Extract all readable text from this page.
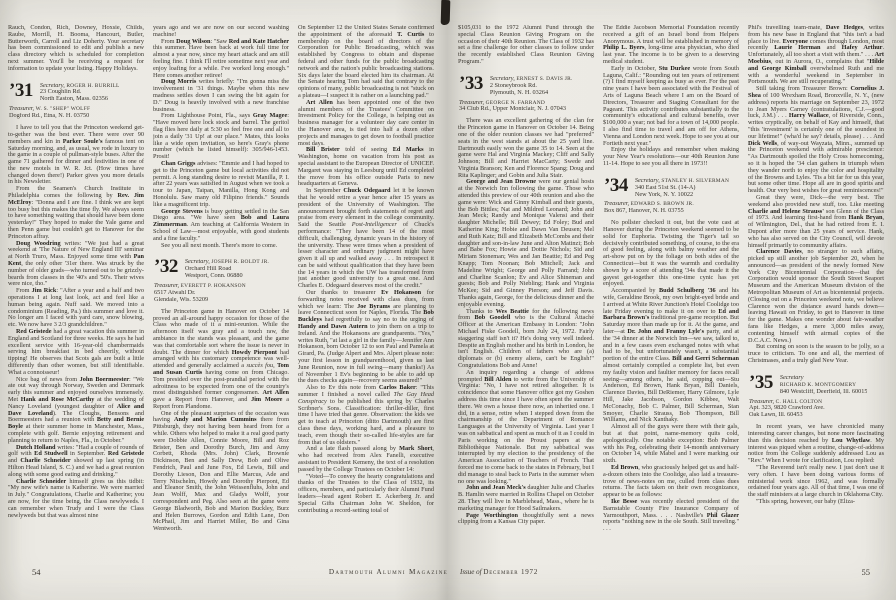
Rauch, Condon, Rich, Downey, Hoxsie, Childs, Raube, Morrill, H. Booma, Hancourt, Butler, Butterworth, Carroll and Liz Doherty. Your secretary has been commissioned to edit and publish a new class directory which is scheduled for completion next summer. You'll be receiving a request for information to update your listing. Happy Holidays.

’31 Secretary, ROGER H. BURRILL
23 Coughlin Rd.
North Easton, Mass. 02356
Treasurer, W. S. "SHEP" WOLFF
Dogford Rd., Etna, N. H. 03750

I have to tell you that the Princeton weekend get-to-gether was the best ever. There were over 90 members and kin in Parker Soule's famous tent on Saturday morning, and, as usual, we rode in luxury to the game in a couple of pullman-style buses. After the game 71 gathered for dinner and festivities in one of the new motels in W. R. Jct. (How times have changed down there!) Parker gives you more details in his Newsletter.

From the Seamen's Church Institute in Philadelphia comes the following by Rev. Jim McElroy: "Donna and I are fine. I think we are kept too busy but this makes the time fly. We always seem to have something waiting that should have been done yesterday!" They hoped to make the Yale game and then Penn game but couldn't get to Hanover for the Princeton affray.

Doug Woodring writes: "We just had a great weekend at 'The Nature of New England III' seminar at North Truro, Mass. Enjoyed some time with Pan Kent, the only other '31er there. Was struck by the number of older grads—who turned out to be grizzly-beards from classes in the '40's and '50's. Their wives were nice, tho."

From Jim Rick: "After a year and a half and two operations I at long last look, act and feel like a human being again. Nuff said. We moved into a condominium (Reading, Pa.) this summer and love it. No longer am I faced with yard care, snow blowing, etc. We now have 3 2/3 grandchildren."

Red Gristede had a great vacation this summer in England and Scotland for three weeks. He says he had excellent service with 16-year-old chambermaids serving him breakfast in bed cheerily, without tipping! He observes that Scots gals are built a little differently than other women, but still identifiable. What a connoisseur!

Nice bag of news from John Boermeester: "We ate out way through Norway, Sweden and Denmark early this summer and enjoyed ourselves immensely. Met Hank and Rose McCarthy at the wedding of Nancy Loveland (youngest daughter of Alice and Dave Loveland). The Cloughs, Bensons and Boermeesters had a reunion with Betty and Bernie Boyle at their summer home in Manchester, Mass., complete with golf. Bernie enjoying retirement and planning to return to Naples, Fla., in October."

Dutch Holland writes: "Had a couple of rounds of golf with Ed Studwell in September. Red Gristede and Charlie Schneider showed up last spring (in Hilton Head Island, S. C.) and we had a great reunion along with some good eating and drinking."

Charlie Schneider himself gives us this tidbit: "My new wife's name is Katherine. We were married in July." Congratulations, Charlie and Katherine; you are now, for the time being, the Class newlyweds. I can remember when Trudy and I were the Class newlyweds but that was almost nine

years ago and we are now on our second washing machine!

From Doug Wilson: "Saw Red and Kate Hatcher this summer. Have been back at work full time for almost a year now, since my heart attack and am still feeling fine. I think I'll retire sometime next year and enjoy loafing for a while. I've worked long enough." Here comes another retiree!

Doug Morris writes briefly: "I'm gonna miss the involvement in '31 things. Maybe when this new madness settles down I can swing the bit again for D." Doug is heavily involved with a new franchise business.

From Lighthouse Point, Fla., says Gray Magee: "Have moved here lock stock and barrel. The geritol flag flies here daily at 5:30 so feel free one and all to join a daily '31 Up! at our place." Mates, this looks like a wide open invitation, so here's Gray's phone number (which he listed himself): 305/946-1453. Prosit!

Chan Griggs advises: "Emmie and I had hoped to get to the Princeton game but local activities did not permit. A long standing desire to revisit Manilla, P. I. after 22 years was satisfied in August when we took a tour to Japan, Taipan, Manilla, Hong Kong and Honolulu. Saw many old Filipino friends." Sounds like a magnificent trip.

George Stevens is busy getting settled in the San Diego area. "We have seen Bob and Laura Zimmerman. Am teaching at California Western in School of Law—most enjoyable, with good students and a fine faculty."

See you all next month. There's more to come.

’32 Secretary, JOSEPH R. BOLDT JR.
Orchard Hill Road
Westport, Conn. 06880
Treasurer, EVERETT P. HOKANSON
6517 Atwahl Dr.
Glendale, Wis. 53209

The Princeton game in Hanover on October 14 proved an all-around happy occasion for those of the Class who made of it a mini-reunion. While the afternoon itself was gray and a touch raw, the ambiance in the stands was pleasant, and the game was that comfortable sort where the issue is never in doubt. The dinner for which Howdy Pierpont had arranged with his customary competence was well-attended and generally acclaimed a succès fou, Tom and Susan Curtis having come on from Chicago. Tom presided over the post-prandial period with the adroitness to be expected from one of the country's most distinguished former congressmen. Art Allen gave a Report from Hanover, and Jim Moore a Report from Plandome.

One of the pleasant surprises of the occasion was having Andy and Marion Cummins there from Pittsburgh, they not having been heard from for a while. Others who helped to make it a real good party were Dobbie Allen, Connie Moore, Bill and Roz Brister, Ben and Dorothy Burch, Jim and Amy Corbett, Rhoda (Mrs. John) Clark, Brownie Dickinson, Ben and Sally Drew, Bob and Olive Fendrich, Paul and June Fox, Ed Lewis, Bill and Dorothy Lieson, Don and Ellie Marcus, Ade and Terry Nitschelm, Howdy and Dorothy Pierpont, Ed and Eleanor Smith, the John Weissenfluhs, John and Jean Wolff, Max and Gladys Wolff, your correspondent and Peg. Also seen at the game were George Bladworth, Bob and Marion Buckley, Burz and Helen Burrows, Gordon and Edith Lane, Don McPhail, Jim and Harriet Miller, Bo and Gina Wentworth.

On September 12 the United States Senate confirmed the appointment of the aforesaid T. Curtis to membership on the board of directors of the Corporation for Public Broadcasting, which was established by Congress to obtain and dispense federal and other funds for the public broadcasting network and the nation's public broadcasting stations. Six days later the board elected him its chairman. At the Senate hearing Tom had said that contrary to the opinions of many, public broadcasting is not "stuck on a plateau—I suspect it is rather on a launching pad."

Art Allen has been appointed one of the two alumni members of the Trustees' Committee on Investment Policy for the College, is helping out as business manager for a volunteer day care center in the Hanover area, is tied into half a dozen other projects and manages to get down to football practice most days.

Bill Brister told of seeing Ed Marks in Washington, home on vacation from his post as special assistant to the European Director of UNICEF. Margaret was staying in Leesburg until Ed completed the move from his office outside Paris to new headquarters at Geneva.

In September Chuck Odegaard let it be known that he would retire a year hence after 15 years as president of the University of Washington. The announcement brought forth statements of regret and praise from every element in the college community. Said the Seattle Post-Intelligencer of Chuck's performance: "They have been 14 of the most difficult, challenging, dynamic years in the history of the university. These were times when a president of lesser character and ordinary judgment might have given it all up and walked away . . . In retrospect it can be said without qualification that they have been the 14 years in which the UW has transformed from just another good university to a great one. And Charles E. Odegaard deserves most of the credit."

Our thanks to treasurer Ev Hokanson for forwarding notes received with class dues, from which we learn: The Joe Byrams are planning to leave Connecticut soon for Naples, Florida. The Bob Buckleys had regretfully to say no to the urging of Handy and Dawn Autern to join them on a trip to Ireland. And the Hokansons are grandparents. "Yes," writes Ruth, "at last a girl in the family—Jennifer Ann Hokanson, born October 12 to son Paul and Pamela at Girard, Pa. (Judge Alpert and Mrs. Alpert please note: your first lesson in grandparenthood, given us last June Reunion, now in full swing—many thanks!) As of November 1 Ev's beginning to be able to add up the dues checks again—recovery seems assured!"

Also to Ev this note from Carlos Baker: "This summer I finished a novel called The Gay Head Conspiracy to be published this spring by Charles Scribner's Sons. Classification: thriller-diller, first time I have tried that genre. Observation: the kids we get to teach at Princeton (ditto Dartmouth) are first class these days, working hard, and a pleasure to teach, even though their so-called life-styles are far from that of us oldsters."

And a late flash passed along by Mark Short, who had received from Alex Fanelli, executive assistant to President Kemeny, the text of a resolution passed by the College Trustees on October 14:

"Voted—To convey the hearty congratulations and thanks of the Trustees to the Class of 1932, its officers, members, and particularly their Alumni Fund leaders—head agent Robert E. Ackerberg Jr. and Special Gifts Chairman John W. Sheldon, for contributing a record-setting total of

54	Dartmouth Alumni Magazine

$105,031 to the 1972 Alumni Fund through the special Class Reunion Giving Program on the occasion of their 40th Reunion. The Class of 1932 has set a fine challenge for other classes to follow under the recently established Class Reunion Giving Program."

’33 Secretary, ERNEST S. DAVIS JR.
2 Stoneybrook Rd.
Plymouth, N. H. 03264
Treasurer, GEORGE N. FARRAND
34 Club Rd., Upper Montclair, N. J. 07043

There was an excellent gathering of the clan for the Princeton game in Hanover on October 14. Being one of the older reunion classes we had "preferred" seats in the west stands at about the 25 yard line. Dartmouth easily won the game 35 to 14. Seen at the game were Hal and Virginia Mackey; Cliff and Sally Johnson; Bill and Harriet MacCarty; Swede and Virginia Branson; Ken and Florence Spang; Doug and Rita Kaplinger; and Gobin and Julia Stair.

George and Jean Drowne were our genial hosts at the Norwich Inn following the game. Those who attended this preview of our 40th reunion and also the game were: Wick and Ginny Kimball and their guests, the Bob Bittles; Nat and Mildred Leonard; John and Jean Meck; Randy and Monique Valensi and their daughter Michelle; Bill Dewey; Ed Foley; Bud and Katherine King; Hobie and Dawn Van Deusen; Mel and Ruth Katz; Bill and Elizabeth McCombs and their daughter and son-in-law June and Alton Matinzi; Bob and Babe Fox; Howie and Dottie Nichols; Sid and Miriam Stoneman; Wes and Jan Beattie; Ed and Peg Knapp; Tom Noonan; Bob Mitchell; Jack and Madeline Wright; George and Polly Farrand; John and Charline Scanlon; Ev and Alice Shineman and guests; Bob and Polly Niebling; Hank and Virginia McKee; Sid and Ginney Pierson; and Jeff Davis. Thanks again, George, for the delicious dinner and the enjoyable evening.

Thanks to Wes Beattie for the following news from Bob Goodell who is the Cultural Attaché Officer at the American Embassy in London: "John Michael Fiske Goodell, born July 24, 1972. Fairly staggering staff isn't it? He's doing very well indeed. Despite an English mother and his birth in London, he isn't English. Children of fathers who are (a) diplomats or (b) enemy aliens, can't be English!" Congratulations Bob and Anne!

An inquiry regarding a change of address prompted Bill Alden to write from the University of Virginia: "No, I have not retired altogether. It is coincidence that some Hanover office got my Goshen address this time since I have often spent the summer there. We own a house there now, an inherited one. I did, in a sense, retire when I stepped down from the chairmanship of the Department of Romance Languages at the University of Virginia. Last year I was on sabbatical and spent as much of it as I could in Paris working on the Proust papers at the Bibliothèque Nationale. But my sabbatical was interrupted by my election to the presidency of the American Association of Teachers of French. That forced me to come back to the states in February, but I did manage to steal back to Paris in the summer when no one was looking."

John and Jean Meck's daughter Julie and Charles B. Hamlin were married in Rollins Chapel on October 28. They will live in Marblehead, Mass., where he is marketing manager for Hood Sailmakers.

Page Worthington thoughtfully sent a news clipping from a Kansas City paper.

The Eddie Jacobson Memorial Foundation recently received a gift of an Israel bond from Helpers Anonymous. A trust will be established in memory of Philip L. Byers, long-time area physician, who died last year. The income is to be given to a deserving medical student.

Early in October, Stu Durkee wrote from South Laguna, Calif.: "Rounding out ten years of retirement (?) I find myself keeping as busy as ever. For the past nine years I have been associated with the Festival of Arts of Laguna Beach where I am on the Board of Directors, Treasurer and Staging Consultant for the Pageant. This activity contributes substantially to the community's educational and cultural benefits, over $100,000 a year; not bad for a town of 14,000 people. I also find time to travel and am off for Athens, Vienna and London next week. Hope to see you at our Fortieth next year."

Enjoy the holidays and remember when making your New Year's resolutions—our 40th Reunion June 11-14. Hope to see you all there in 1973!!

’34 Secretary, STANLEY H. SILVERMAN
340 East 51st St. (14-A)
New York, N. Y. 10022
Treasurer, EDWARD S. BROWN JR.
Box 867, Hanover, N. H. 03755

No pollster checked it out, but the vote cast at Hanover during the Princeton weekend seemed to be solid for Euphoria. Twisting the Tiger's tail so decisively contributed something, of course, to the era of good feeling, along with balmy weather and the art-show put on by the foliage on both sides of the Connecticut—but it was the warmth and cordiality shown by a score of attending '34s that made it the gayest get-together this one-time cynic has yet enjoyed.

Accompanied by Budd Schulberg '36 and his wife, Geraldine Brook, my own bright-eyed bride and I arrived at White River Junction's Hotel Coolidge too late Friday evening to make it on over to Ed and Barbara Brown's traditional pre-game reception. But Saturday more than made up for it. At the game, and later—at Dr. John and Franny Lyle's party, and at the '34 dinner at the Norwich Inn—we saw, talked to, and in a few cases even exchanged notes with what had to be, but unfortunately wasn't, a substantial portion of the entire Class. Bill and Gerri Scherman almost certainly compiled a complete list, but even my faulty vision and faultier memory for faces recall seeing—among others, he said, copping out—Stu Anderson, Ed Brown, Hank Bryan, Bill Daniels, Clarence Davies, Bill DeRiemer, Harry Gilmore, Lyle Hill, Jake Jacobson, Gordon Kibbee, Walt McConachy, Bob C. Palmer, Bill Scherman, Stan Smoyer, Charlie Strauss, Bob Thompson, Bill Williams, and Nick Xanthaky.

Almost all of the guys were there with their gals, but at that point, name-memory quits cold, apologetically. One notable exception: Bob Palmer with his Peg, celebrating their 14-month anniversary on October 14, while Mabel and I were marking our sixth.

Ed Brown, who graciously helped get us and half-a-dozen others into the Coolidge, also laid a treasure-trove of news-notes on me, culled from class dues returns. The facts taken on their own recognizance, appear to be as follows:

Ike Besse was recently elected president of the Barnstable County Fire Insurance Company of Yarmouthport, Mass. . . . Nashville's Phil Glazer reports "nothing new in the ole South. Still traveling." . . .

Phil's travelling team-mate, Dave Hedges, writes from his new base in England that "this isn't a bad place to live. Everyone comes through London, most recently Laurie Herman and Hafey Arthur. Unfortunately, all too short a visit with them." . . . Art Moebius, out in Aurora, O., complains that "Hilde and George Kimball overwhelmed Ruth and me with a wonderful weekend in September in Portsmouth. We are still recuperating."

Still taking from Treasurer Brown: Cornelius J. Shea of 100 Wrexham Road, Bronxville, N. Y., (new address) reports his marriage on September 23, 1972 to Jean Myers Carney (contratulations, C.J.—good luck, J.M.) . . . Harry Wallace, of Riverside, Conn., writes cryptically, on behalf of Kay and himself, that "this 'investment' is certainly one of the soundest in our lifetime!" (wha'd he say? details, please) . . . And Dick Wells, of way-out Wayzata, Minn., summed up the Princeton weekend with admirable prescience: "As Dartmouth spoiled the Holy Cross homecoming, so it is hoped the '34 clan gathers in triumph when they wander north to enjoy the color and hospitality of the Browns and Lyles. 'Tis a bit far for us this year, but some other time. Hope all are in good spirits and health. Our very best wishes for great reminiscences!"

Great they were, Dick—the very best. The weekend also provided new stuff, too. Like meeting Charlie and Helene Strauss' son Glenn of the Class of 1973. And learning first-hand from Hank Bryan, of Wilmington, Del., that he had retired from E. I. Dupont after more than 25 years of service. Hank, who has also served on the City Council, will devote himself primarily to community affairs.

Clarence Davies, no stranger to such affairs, picked up still another job September 20, when he announced—as president of the newly formed New York City Bicentennial Corporation—that the Corporation would sponsor the South Street Seaport Museum and the American Museum division of the Metropolitan Museum of Art as bicentennial projects. (Closing out on a Princeton weekend note, we believe Clarence won the distance award hands down—leaving Hawaii on Friday, to get to Hanover in time for the game. Makes one wonder about fair-weather fans like Hedges, a mere 3,000 miles away, contenting himself with airmail copies of the D.C.A.C. News.)

But coming on soon is the season to be jolly, so a truce to criticism. To one and all, the merriest of Christmases, and a truly glad New Year.

’35 Secretary
RICHARD K. MONTGOMERY
840 Westcliff, Deerfield, Ill. 60015
Treasurer, C. HALL COLTON
Apt. 323, 9820 Crawford Ave.
Oak Lawn, Ill. 60453

In recent years, we have chronicled many interesting career changes, but none more fascinating than this decision reached by Lou Whytlaw. My interest was piqued when a routine, change-of-address notice from the College suddenly addressed Lou as "Rev." When I wrote for clarification, Lou replied:

"The Reverend isn't really new. I just don't use it very often. I have been doing various forms of ministerial work since 1962, and was formally ordained four years ago. All of that time, I was one of the staff ministers at a large church in Oklahoma City.

"This spring, however, our baby (Eliza-

Issue of December 1972	55
